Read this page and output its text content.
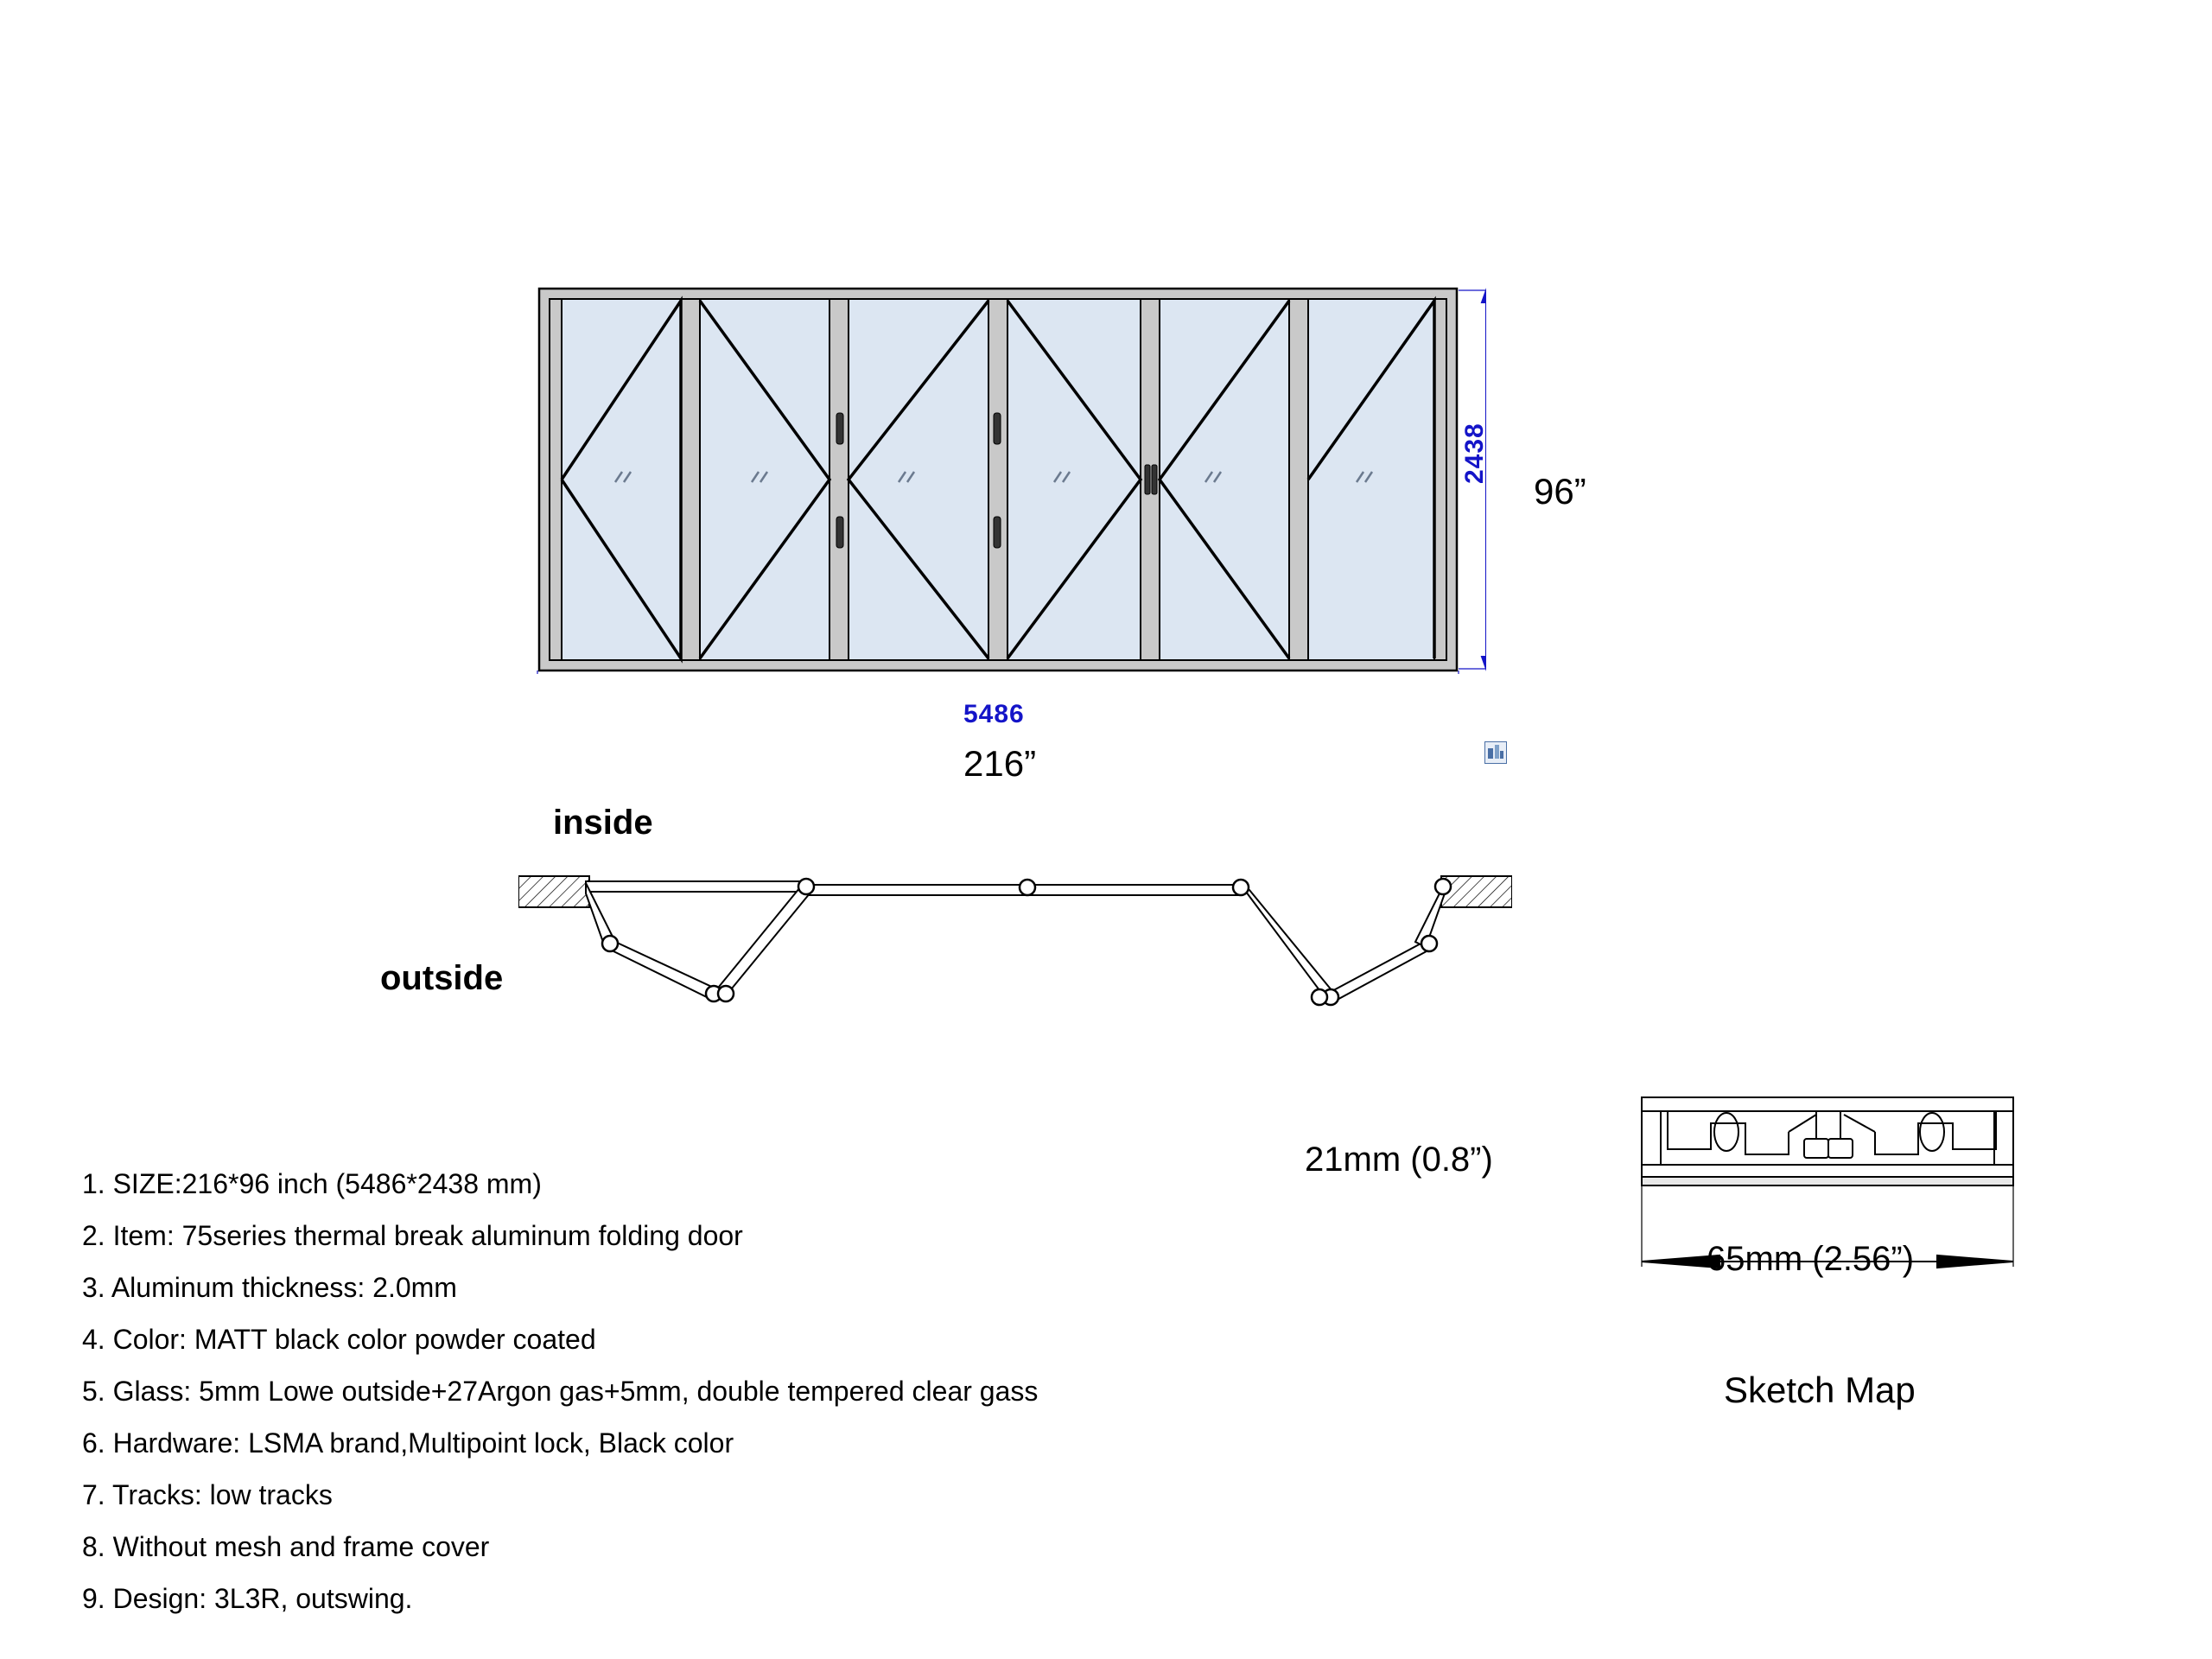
5486
2438
216”
96”
inside
outside
1. SIZE:216*96 inch (5486*2438 mm)
2. Item: 75series thermal break aluminum folding door
3. Aluminum thickness: 2.0mm
4. Color: MATT black color powder coated
5. Glass: 5mm Lowe outside+27Argon gas+5mm, double tempered clear gass
6. Hardware: LSMA brand,Multipoint lock, Black color
7. Tracks: low tracks
8. Without mesh and frame cover
9. Design: 3L3R, outswing.
21mm (0.8”)
65mm (2.56”)
Sketch Map
